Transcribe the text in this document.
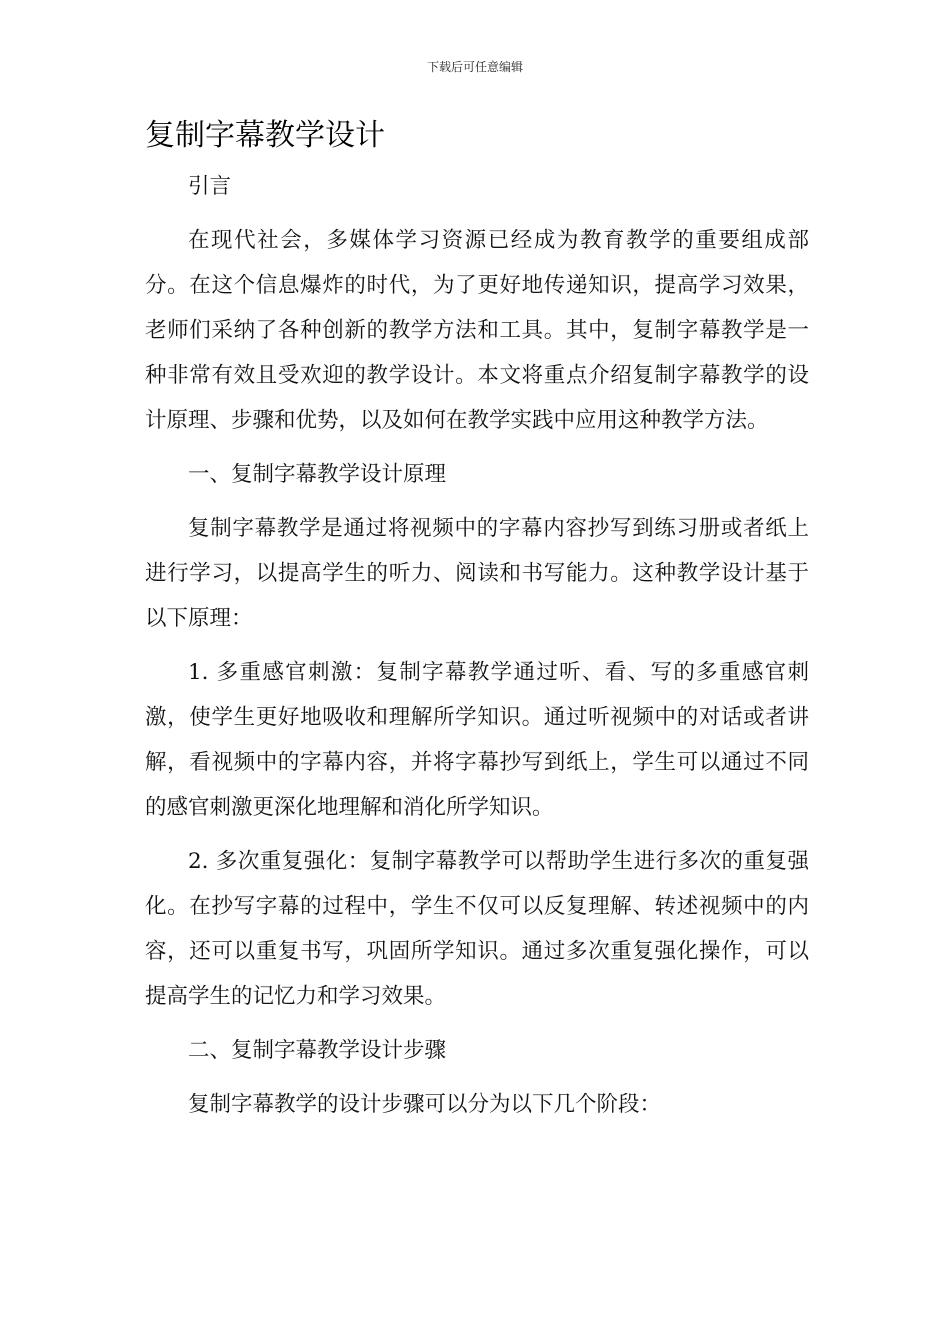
下载后可任意编辑
复制字幕教学设计

引言

在现代社会，多媒体学习资源已经成为教育教学的重要组成部分。在这个信息爆炸的时代，为了更好地传递知识，提高学习效果，老师们采纳了各种创新的教学方法和工具。其中，复制字幕教学是一种非常有效且受欢迎的教学设计。本文将重点介绍复制字幕教学的设计原理、步骤和优势，以及如何在教学实践中应用这种教学方法。

一、复制字幕教学设计原理

复制字幕教学是通过将视频中的字幕内容抄写到练习册或者纸上进行学习，以提高学生的听力、阅读和书写能力。这种教学设计基于以下原理：

1. 多重感官刺激：复制字幕教学通过听、看、写的多重感官刺激，使学生更好地吸收和理解所学知识。通过听视频中的对话或者讲解，看视频中的字幕内容，并将字幕抄写到纸上，学生可以通过不同的感官刺激更深化地理解和消化所学知识。

2. 多次重复强化：复制字幕教学可以帮助学生进行多次的重复强化。在抄写字幕的过程中，学生不仅可以反复理解、转述视频中的内容，还可以重复书写，巩固所学知识。通过多次重复强化操作，可以提高学生的记忆力和学习效果。

二、复制字幕教学设计步骤

复制字幕教学的设计步骤可以分为以下几个阶段：
